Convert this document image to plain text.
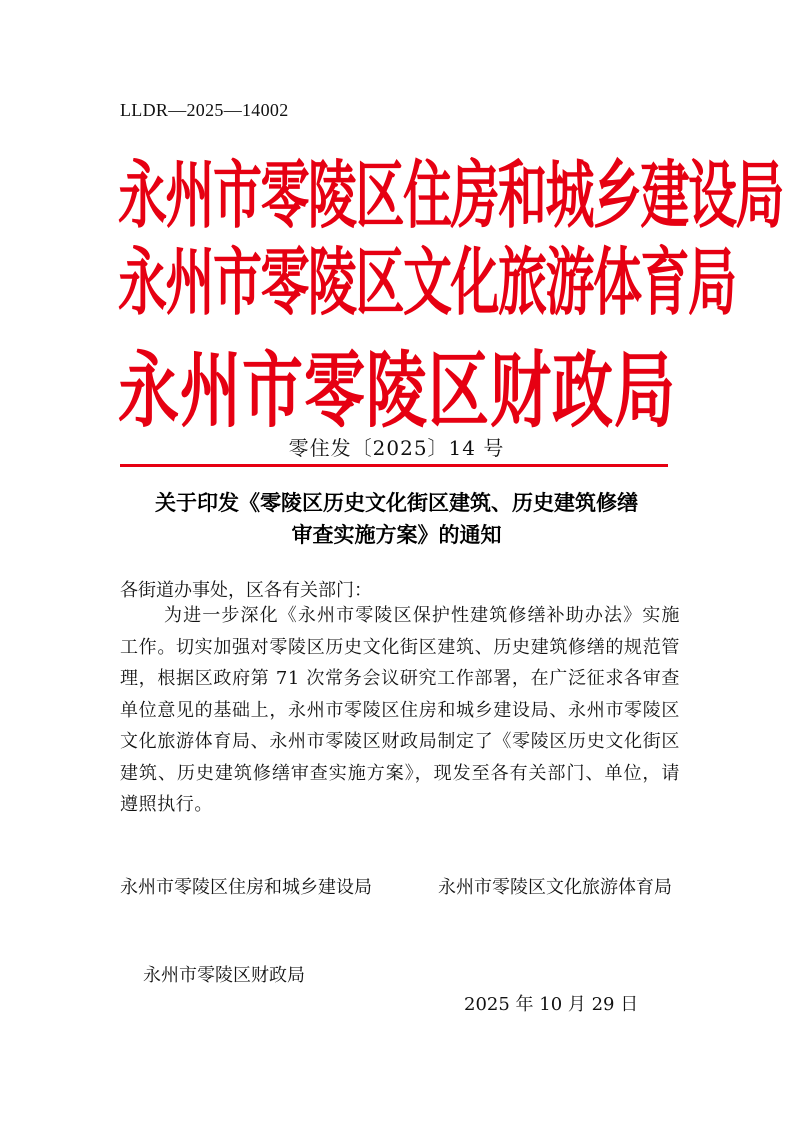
LLDR—2025—14002
永州市零陵区住房和城乡建设局
永州市零陵区文化旅游体育局
永州市零陵区财政局
零住发〔2025〕14 号
关于印发《零陵区历史文化街区建筑、历史建筑修缮
审查实施方案》的通知
各街道办事处，区各有关部门：
为进一步深化《永州市零陵区保护性建筑修缮补助办法》实施工作。切实加强对零陵区历史文化街区建筑、历史建筑修缮的规范管理，根据区政府第 71 次常务会议研究工作部署，在广泛征求各审查单位意见的基础上，永州市零陵区住房和城乡建设局、永州市零陵区文化旅游体育局、永州市零陵区财政局制定了《零陵区历史文化街区建筑、历史建筑修缮审查实施方案》，现发至各有关部门、单位，请遵照执行。
永州市零陵区住房和城乡建设局	永州市零陵区文化旅游体育局
永州市零陵区财政局
2025 年 10 月 29 日
